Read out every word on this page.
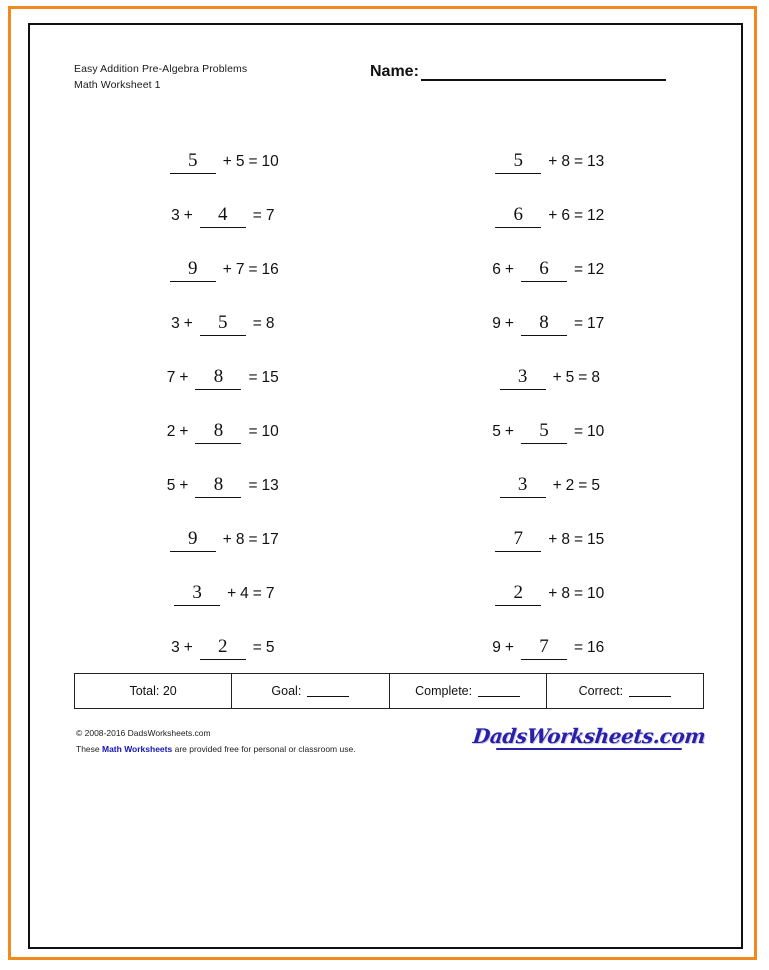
Easy Addition Pre-Algebra Problems
Math Worksheet 1
Name:
5	+ 5 = 10	5	+ 8 = 13
3 +	4	= 7	6	+ 6 = 12
9	+ 7 = 16	6 +	6	= 12
3 +	5	= 8	9 +	8	= 17
7 +	8	= 15	3	+ 5 = 8
2 +	8	= 10	5 +	5	= 10
5 +	8	= 13	3	+ 2 = 5
9	+ 8 = 17	7	+ 8 = 15
3	+ 4 = 7	2	+ 8 = 10
3 +	2	= 5	9 +	7	= 16
Total: 20	Goal:	Complete:	Correct:
© 2008-2016 DadsWorksheets.com
These Math Worksheets are provided free for personal or classroom use.
DadsWorksheets.com
